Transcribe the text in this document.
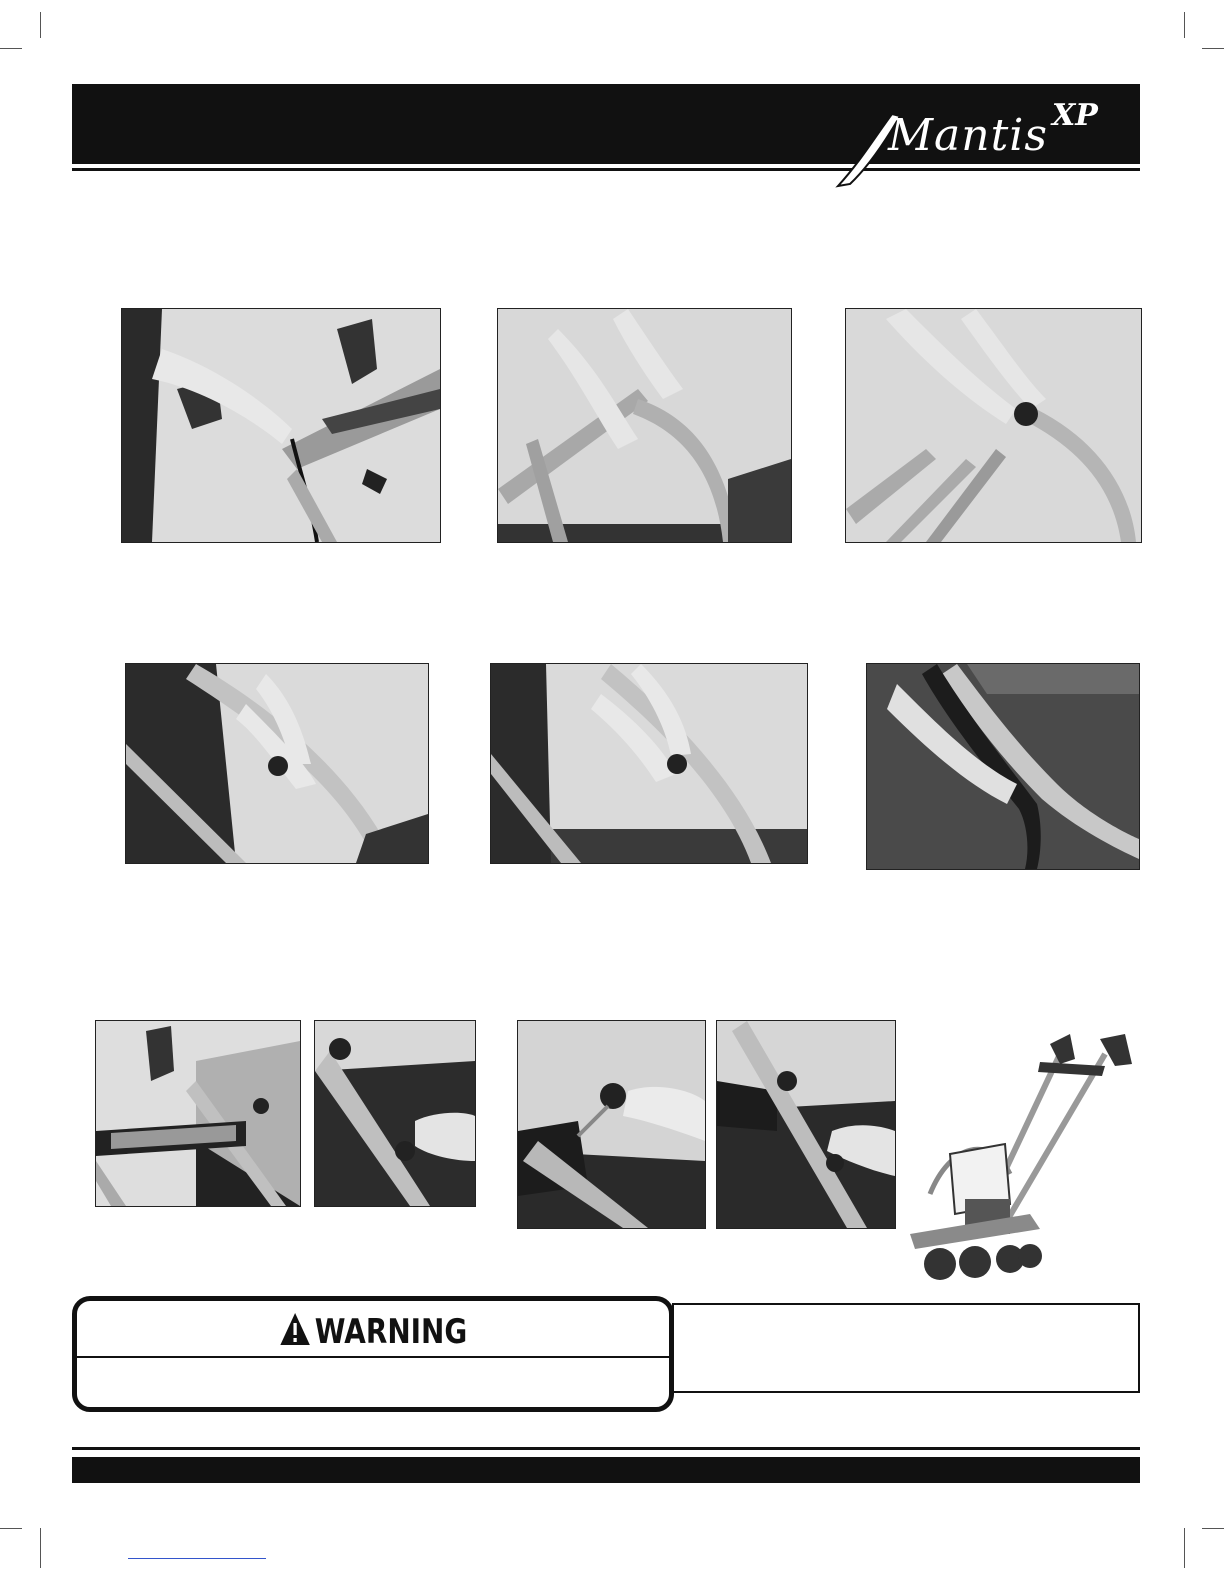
Mantis XP
WARNING
